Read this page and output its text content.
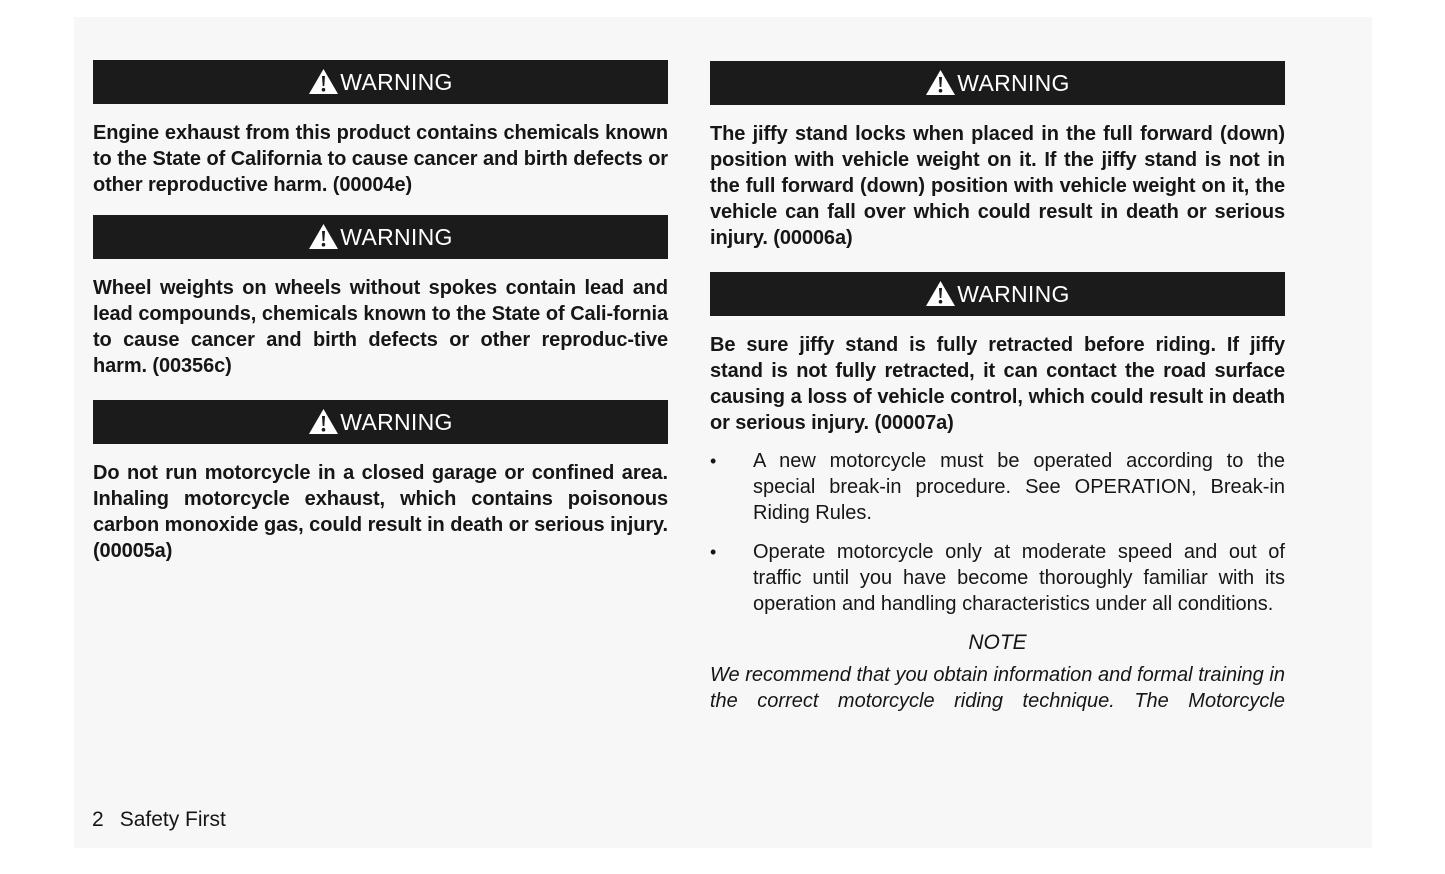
WARNING

Engine exhaust from this product contains chemicals known to the State of California to cause cancer and birth defects or other reproductive harm. (00004e)

WARNING

Wheel weights on wheels without spokes contain lead and lead compounds, chemicals known to the State of Cali-fornia to cause cancer and birth defects or other reproduc-tive harm. (00356c)

WARNING

Do not run motorcycle in a closed garage or confined area. Inhaling motorcycle exhaust, which contains poisonous carbon monoxide gas, could result in death or serious injury. (00005a)

WARNING

The jiffy stand locks when placed in the full forward (down) position with vehicle weight on it. If the jiffy stand is not in the full forward (down) position with vehicle weight on it, the vehicle can fall over which could result in death or serious injury. (00006a)

WARNING

Be sure jiffy stand is fully retracted before riding. If jiffy stand is not fully retracted, it can contact the road surface causing a loss of vehicle control, which could result in death or serious injury. (00007a)

• A new motorcycle must be operated according to the special break-in procedure. See OPERATION, Break-in Riding Rules.
• Operate motorcycle only at moderate speed and out of traffic until you have become thoroughly familiar with its operation and handling characteristics under all conditions.
NOTE
We recommend that you obtain information and formal training in the correct motorcycle riding technique. The Motorcycle
2 Safety First
